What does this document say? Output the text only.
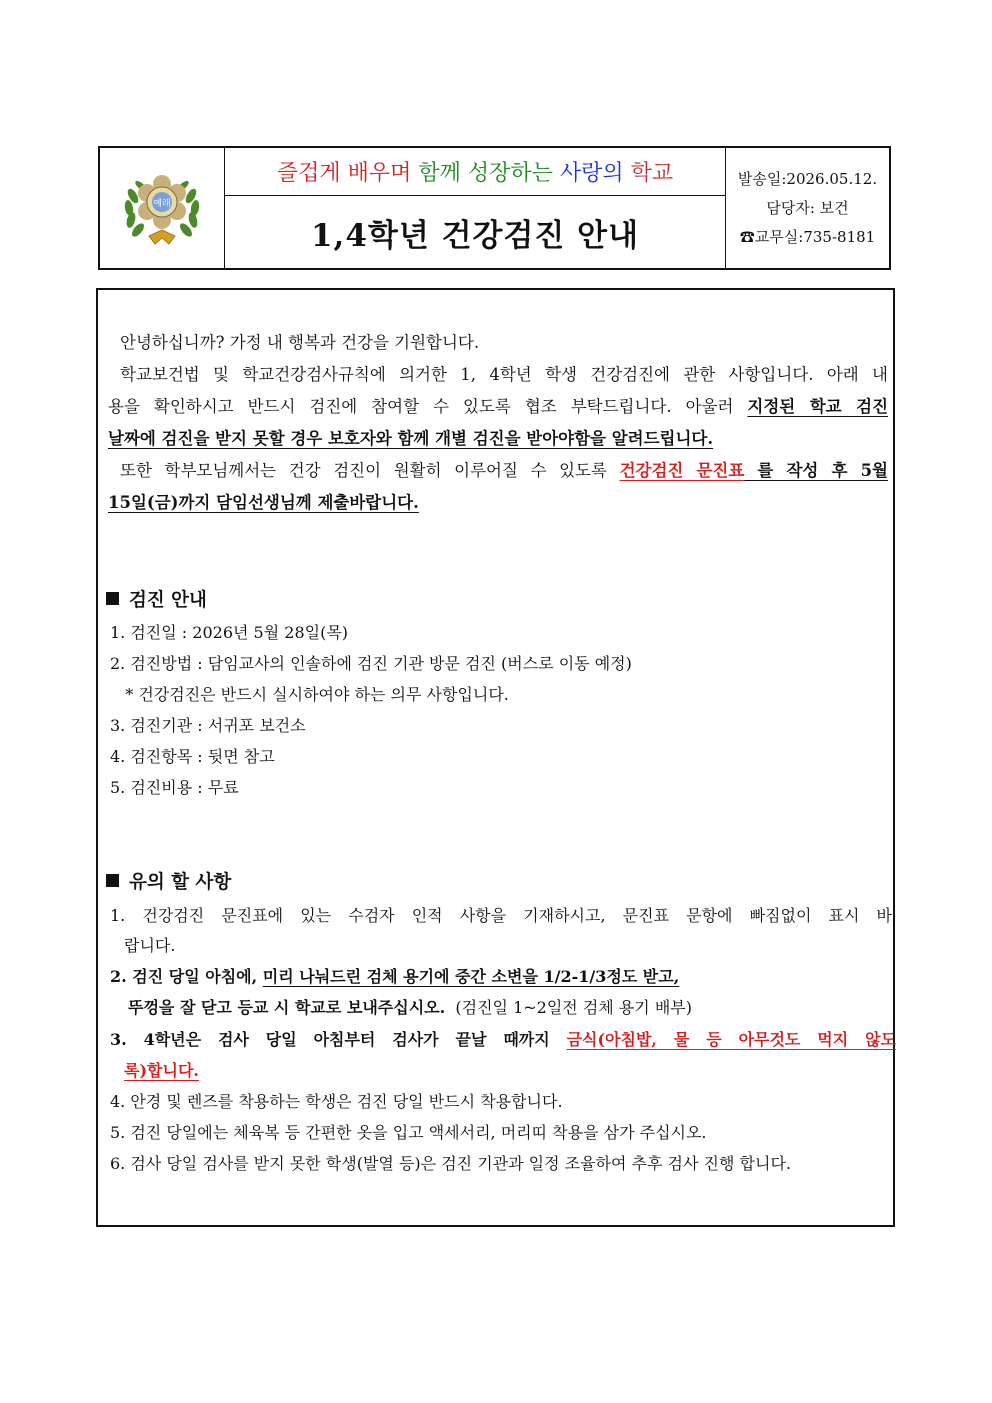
예래
즐겁게 배우며
함께 성장하는
사랑의
학교
1,4학년 건강검진 안내
발송일:2026.05.12.
담당자: 보건
☎교무실:735-8181
안녕하십니까? 가정 내 행복과 건강을 기원합니다.
학교보건법 및 학교건강검사규칙에 의거한 1, 4학년 학생 건강검진에 관한 사항입니다. 아래 내
용을 확인하시고 반드시 검진에 참여할 수 있도록 협조 부탁드립니다. 아울러 지정된 학교 검진
날짜에 검진을 받지 못할 경우 보호자와 함께 개별 검진을 받아야함을 알려드립니다.
또한 학부모님께서는 건강 검진이 원활히 이루어질 수 있도록 건강검진 문진표 를 작성 후 5월
15일(금)까지 담임선생님께 제출바랍니다.
검진 안내
1. 검진일 : 2026년 5월 28일(목)
2. 검진방법 : 담임교사의 인솔하에 검진 기관 방문 검진 (버스로 이동 예정)
* 건강검진은 반드시 실시하여야 하는 의무 사항입니다.
3. 검진기관 : 서귀포 보건소
4. 검진항목 : 뒷면 참고
5. 검진비용 : 무료
유의 할 사항
1. 건강검진 문진표에 있는 수검자 인적 사항을 기재하시고, 문진표 문항에 빠짐없이 표시 바
랍니다.
2. 검진 당일 아침에, 미리 나눠드린 검체 용기에 중간 소변을 1/2-1/3정도 받고,
뚜껑을 잘 닫고 등교 시 학교로 보내주십시오.  (검진일 1~2일전 검체 용기 배부)
3. 4학년은 검사 당일 아침부터 검사가 끝날 때까지 금식(아침밥, 물 등 아무것도 먹지 않도
록)합니다.
4. 안경 및 렌즈를 착용하는 학생은 검진 당일 반드시 착용합니다.
5. 검진 당일에는 체육복 등 간편한 옷을 입고 액세서리, 머리띠 착용을 삼가 주십시오.
6. 검사 당일 검사를 받지 못한 학생(발열 등)은 검진 기관과 일정 조율하여 추후 검사 진행 합니다.
